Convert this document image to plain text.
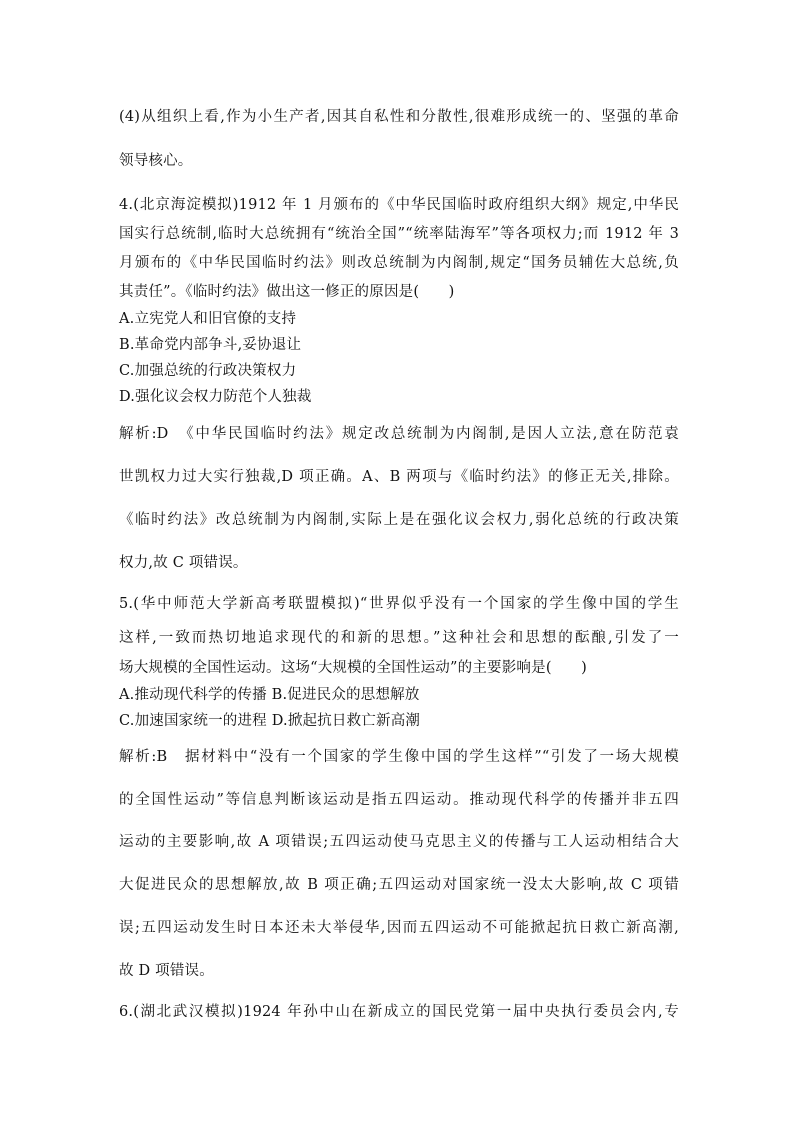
(4)从组织上看,作为小生产者,因其自私性和分散性,很难形成统一的、坚强的革命
领导核心。
4.(北京海淀模拟)1912 年 1 月颁布的《中华民国临时政府组织大纲》规定,中华民
国实行总统制,临时大总统拥有“统治全国”“统率陆海军”等各项权力;而 1912 年 3
月颁布的《中华民国临时约法》则改总统制为内阁制,规定“国务员辅佐大总统,负
其责任”。《临时约法》做出这一修正的原因是(　　)
A.立宪党人和旧官僚的支持
B.革命党内部争斗,妥协退让
C.加强总统的行政决策权力
D.强化议会权力防范个人独裁
解析:D　《中华民国临时约法》规定改总统制为内阁制,是因人立法,意在防范袁
世凯权力过大实行独裁,D 项正确。A、B 两项与《临时约法》的修正无关,排除。
《临时约法》改总统制为内阁制,实际上是在强化议会权力,弱化总统的行政决策
权力,故 C 项错误。
5.(华中师范大学新高考联盟模拟)“世界似乎没有一个国家的学生像中国的学生
这样,一致而热切地追求现代的和新的思想。”这种社会和思想的酝酿,引发了一
场大规模的全国性运动。这场“大规模的全国性运动”的主要影响是(　　)
A.推动现代科学的传播 B.促进民众的思想解放
C.加速国家统一的进程 D.掀起抗日救亡新高潮
解析:B　据材料中“没有一个国家的学生像中国的学生这样”“引发了一场大规模
的全国性运动”等信息判断该运动是指五四运动。推动现代科学的传播并非五四
运动的主要影响,故 A 项错误;五四运动使马克思主义的传播与工人运动相结合大
大促进民众的思想解放,故 B 项正确;五四运动对国家统一没太大影响,故 C 项错
误;五四运动发生时日本还未大举侵华,因而五四运动不可能掀起抗日救亡新高潮,
故 D 项错误。
6.(湖北武汉模拟)1924 年孙中山在新成立的国民党第一届中央执行委员会内,专
